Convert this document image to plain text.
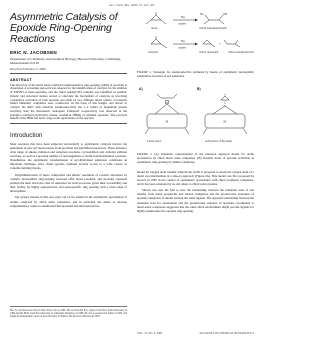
Acc. Chem. Res. 2000, 33, 421–431
Asymmetric Catalysis of Epoxide Ring-Opening Reactions
ERIC N. JACOBSEN
Department of Chemistry and Chemical Biology, Harvard University, Cambridge, Massachusetts 02138
Received February 2, 2000
ABSTRACT
The discovery of the metal salen-catalyzed enantioselective ring-opening (ARO) of epoxides is chronicled. A screening approach was adopted for the identification of catalysts for the addition of TMSN3 to meso-epoxides, and the chiral (salen)CrN3 complex was identified as optimal. Kinetic and structural studies served to elucidate the mechanism of catalysis as involving cooperative activation of both epoxide and azide by two different metal centers. Covalently linked bimetallic complexes were constructed on the basis of this insight, and shown to catalyze the ARO with identical enantioselectivity but 1–2 orders of magnitude greater reactivity than the monomeric analogues. Enhanced cooperativity was observed in the (salen)Co-catalyzed hydrolytic kinetic resolution (HKR) of terminal epoxides. The practical benefit of the HKR has led to large-scale applications of the reaction.
Introduction

Most reactions that have been subjected successfully to asymmetric catalysis involve the generation of new sp3 stereocenters from prochiral sp2-hybridized precursors. These include a wide range of alkene oxidation and reduction reactions, cycloaddition and carbonyl addition reactions, as well as a growing number of rearrangement or olefin-functionalization reactions. Nonetheless, the asymmetric transformation of sp3-hybridized substrates constitutes an important challenge, since chiral epoxide synthons provide access to a wide variety of valuable building blocks.

Desymmetrization of meso compounds and kinetic resolution of racemic substrates by catalytic nucleophilic ring-opening reactions offer broad potential, and epoxides represent perhaps the most attractive class of substrates for such processes, given their accessibility and their facility for highly regioselective and stereospecific ring opening with a wide range of nucleophiles.

My group's interest in this area grew out of our studies in the asymmetric epoxidation of olefins catalyzed by chiral salen complexes, and in particular the desire to develop complementary routes to enantioenriched epoxides and their derivatives.

Eric N. Jacobsen was born in New York City in 1960. He received his B.S. degree from New York University in 1982 and his Ph.D. from the University of California, Berkeley, in 1986. He was a postdoctoral fellow at MIT, and began his independent career at the University of Illinois. He moved to Harvard in 1993.
O
meso
Nu
catalyst
Nu	OH
chiral enantioenriched
O
racemic
Nu
catalyst
+
chiral, unreacted	chiral enantioenriched
FIGURE 1. Strategies for enantioselective synthesis by means of asymmetric nucleophilic substitution reactions of sp3 substrates.
A)	B)
M
O
M
O
Lewis Acid	Activation of Epoxide
FIGURE 2. (A) Schematic representation of the salen-ion approach model for olefin epoxidation by chiral metal salen complexes. (B) Possible mode of epoxide activation in asymmetric ring-opening by similar complexes.

model for oxygen atom transfer wherein the olefin is proposed to attack the oxygen atom of a metal oxo intermediate in a side-on approach (Figure 2A). This model was first proposed by Groves in 1985 in the context of asymmetric epoxidation with chiral porphyrin complexes, and it has been extended by us and others to chiral salen systems.

Shown was also the first to note the relationship between the transition state of one transfer from metal porphyrins and related complexes and the ground-state structures of epoxide complexes of metals bearing the same ligands. The apparent relationship between the transition state for epoxidation and the ground-state structure of epoxides coordinated to metal-salen complexes suggested that the same chiral environment might provide ligands for highly enantioselective epoxide ring-opening.

VOL. 33, NO. 6, 2000	ACCOUNTS OF CHEMICAL RESEARCH 421
